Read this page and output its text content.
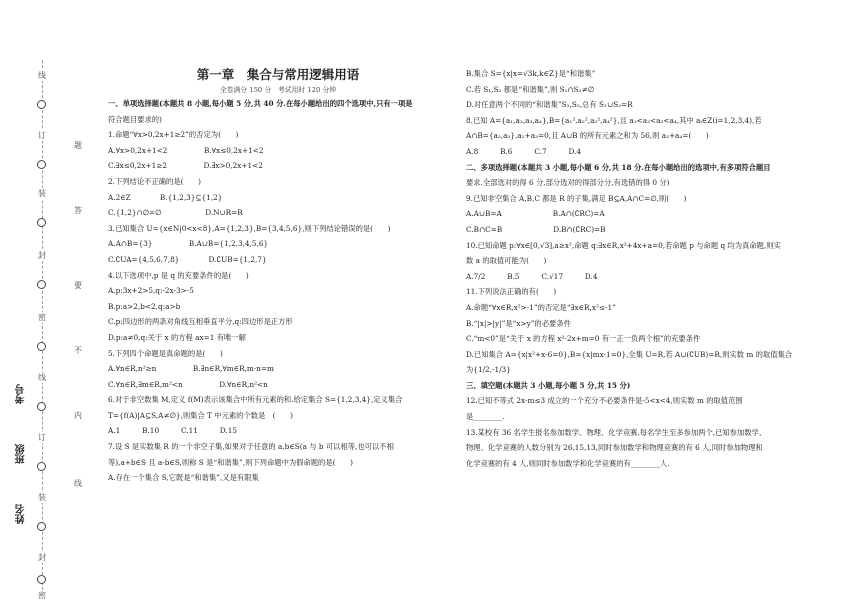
线
订
装
封
密
线
订
装
封
密
题
答
要
不
内
线
考号
班级
姓名
第一章　集合与常用逻辑用语
全卷满分 150 分　考试用时 120 分钟

一、单项选择题(本题共 8 小题,每小题 5 分,共 40 分.在每小题给出的四个选项中,只有一项是

符合题目要求的)

1.命题“∀x>0,2x+1≥2”的否定为(　　)

A.∀x>0,2x+1<2　　　　　B.∀x≤0,2x+1<2

C.∃x≤0,2x+1≥2　　　　　D.∃x>0,2x+1<2

2.下列结论不正确的是(　　)

A.2∈Z　　　　B.{1,2,3}⊆{1,2}

C.{1,2}∩∅=∅　　　　　　D.N∪R=R

3.已知集合 U={x∈N|0<x<8},A={1,2,3},B={3,4,5,6},则下列结论错误的是(　　)

A.A∩B={3}　　　　　B.A∪B={1,2,3,4,5,6}

C.∁UA={4,5,6,7,8}　　　　D.∁UB={1,2,7}

4.以下选项中,p 是 q 的充要条件的是(　　)

A.p:3x+2>5,q:-2x-3>-5

B.p:a>2,b<2,q:a>b

C.p:四边形的两条对角线互相垂直平分,q:四边形是正方形

D.p:a≠0,q:关于 x 的方程 ax=1 有唯一解

5.下列四个命题是真命题的是(　　)

A.∀n∈R,n²≥n　　　　　B.∃n∈R,∀m∈R,m·n=m

C.∀n∈R,∃m∈R,m²<n　　　　　D.∀n∈R,n²<n

6.对于非空数集 M,定义 f(M)表示该集合中所有元素的和.给定集合 S={1,2,3,4},定义集合

T={f(A)|A⊆S,A≠∅},则集合 T 中元素的个数是　(　　)

A.1　　　B.10　　　C.11　　　D.15

7.设 S 是实数集 R 的一个非空子集,如果对于任意的 a,b∈S(a 与 b 可以相等,也可以不相

等),a+b∈S 且 a-b∈S,则称 S 是“和谐集”,则下列命题中为假命题的是(　　)

A.存在一个集合 S,它既是“和谐集”,又是有限集

B.集合 S={x|x=√3k,k∈Z}是“和谐集”

C.若 S₁,S₂ 都是“和谐集”,则 S₁∩S₂≠∅

D.对任意两个不同的“和谐集”S₁,S₂,总有 S₁∪S₂=R

8.已知 A={a₁,a₂,a₃,a₄},B={a₁²,a₂²,a₃²,a₄²},且 a₁<a₂<a₃<a₄,其中 aᵢ∈Z(i=1,2,3,4),若

A∩B={a₂,a₃},a₁+a₃=0,且 A∪B 的所有元素之和为 56,则 a₃+a₄=(　　)

A.8　　　B.6　　　C.7　　　D.4

二、多项选择题(本题共 3 小题,每小题 6 分,共 18 分.在每小题给出的选项中,有多项符合题目

要求.全部选对的得 6 分,部分选对的得部分分,有选错的得 0 分)

9.已知非空集合 A,B,C 都是 R 的子集,满足 B⊆A,A∩C=∅,则(　　)

A.A∪B=A　　　　　　　B.A∩(∁RC)=A

C.B∩C=B　　　　　　　D.B∩(∁RC)=B

10.已知命题 p:∀x∈[0,√3],a≥x²,命题 q:∃x∈R,x²+4x+a=0,若命题 p 与命题 q 均为真命题,则实

数 a 的取值可能为(　　)

A.7/2　　　B.5　　　C.√17　　　D.4

11.下列说法正确的有(　　)

A.命题“∀x∈R,x²>-1”的否定是“∃x∈R,x²≤-1”

B.“|x|>|y|”是“x>y”的必要条件

C.“m<0”是“关于 x 的方程 x²-2x+m=0 有一正一负两个根”的充要条件

D.已知集合 A={x|x²+x-6=0},B={x|mx-1=0},全集 U=R,若 A∪(∁UB)=R,则实数 m 的取值集合

为{1/2,-1/3}

三、填空题(本题共 3 小题,每小题 5 分,共 15 分)

12.已知不等式 2x-m≤3 成立的一个充分不必要条件是-5<x<4,则实数 m 的取值范围

是________.

13.某校有 36 名学生报名参加数学、物理、化学竞赛,每名学生至多参加两个,已知参加数学、

物理、化学竞赛的人数分别为 26,15,13,同时参加数学和物理竞赛的有 6 人,同时参加物理和

化学竞赛的有 4 人,则同时参加数学和化学竞赛的有________人.
